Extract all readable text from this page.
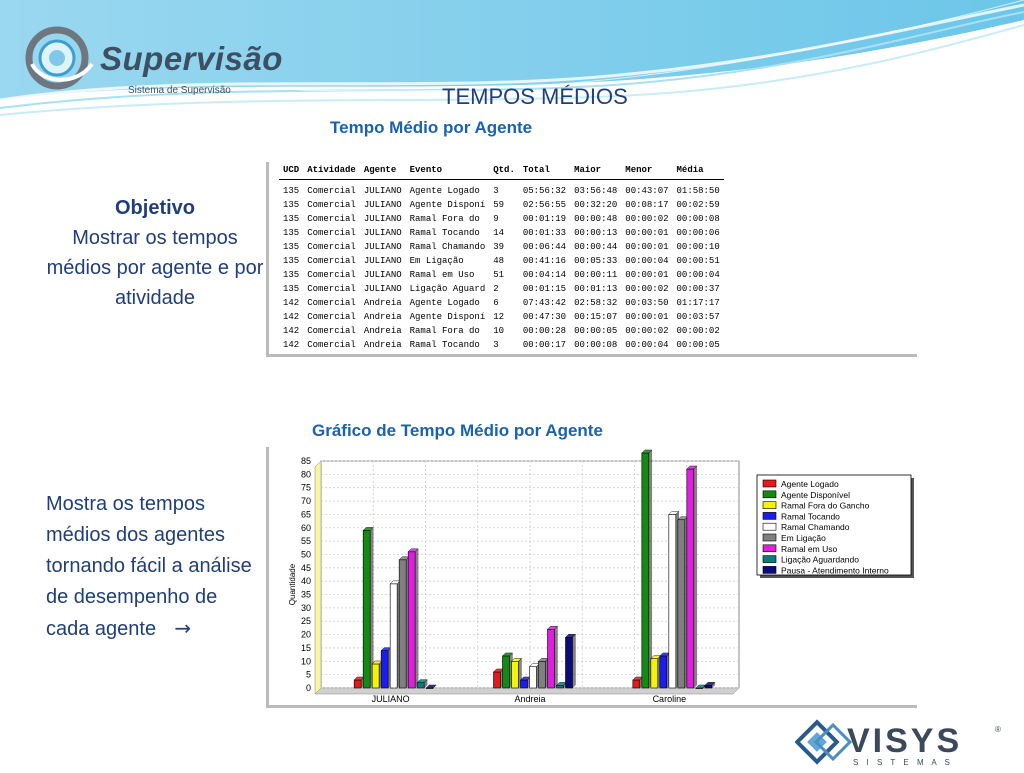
Supervisão
Sistema de Supervisão	TEMPOS MÉDIOS
Tempo Médio por Agente
Objetivo
Mostrar os tempos médios por agente e por atividade
UCD	Atividade	Agente	Evento	Qtd.	Total	Maior	Menor	Média
135	Comercial	JULIANO	Agente Logado	3	05:56:32	03:56:48	00:43:07	01:58:50
135	Comercial	JULIANO	Agente Disponí	59	02:56:55	00:32:20	00:08:17	00:02:59
135	Comercial	JULIANO	Ramal Fora do	9	00:01:19	00:00:48	00:00:02	00:00:08
135	Comercial	JULIANO	Ramal Tocando	14	00:01:33	00:00:13	00:00:01	00:00:06
135	Comercial	JULIANO	Ramal Chamando	39	00:06:44	00:00:44	00:00:01	00:00:10
135	Comercial	JULIANO	Em Ligação	48	00:41:16	00:05:33	00:00:04	00:00:51
135	Comercial	JULIANO	Ramal em Uso	51	00:04:14	00:00:11	00:00:01	00:00:04
135	Comercial	JULIANO	Ligação Aguard	2	00:01:15	00:01:13	00:00:02	00:00:37
142	Comercial	Andreia	Agente Logado	6	07:43:42	02:58:32	00:03:50	01:17:17
142	Comercial	Andreia	Agente Disponí	12	00:47:30	00:15:07	00:00:01	00:03:57
142	Comercial	Andreia	Ramal Fora do	10	00:00:28	00:00:05	00:00:02	00:00:02
142	Comercial	Andreia	Ramal Tocando	3	00:00:17	00:00:08	00:00:04	00:00:05
Gráfico de Tempo Médio por Agente
0
5
10
15
20
25
30
35
40
45
50
55
60
65
70
75
80
85
Quantidade
JULIANO	Andreia	Caroline
Agente Logado
Agente Disponível
Ramal Fora do Gancho
Ramal Tocando
Ramal Chamando
Em Ligação
Ramal em Uso
Ligação Aguardando
Pausa - Atendimento Interno
Mostra os tempos médios dos agentes tornando fácil a análise de desempenho de cada agente   →
VISYS	®
S I S T E M A S
